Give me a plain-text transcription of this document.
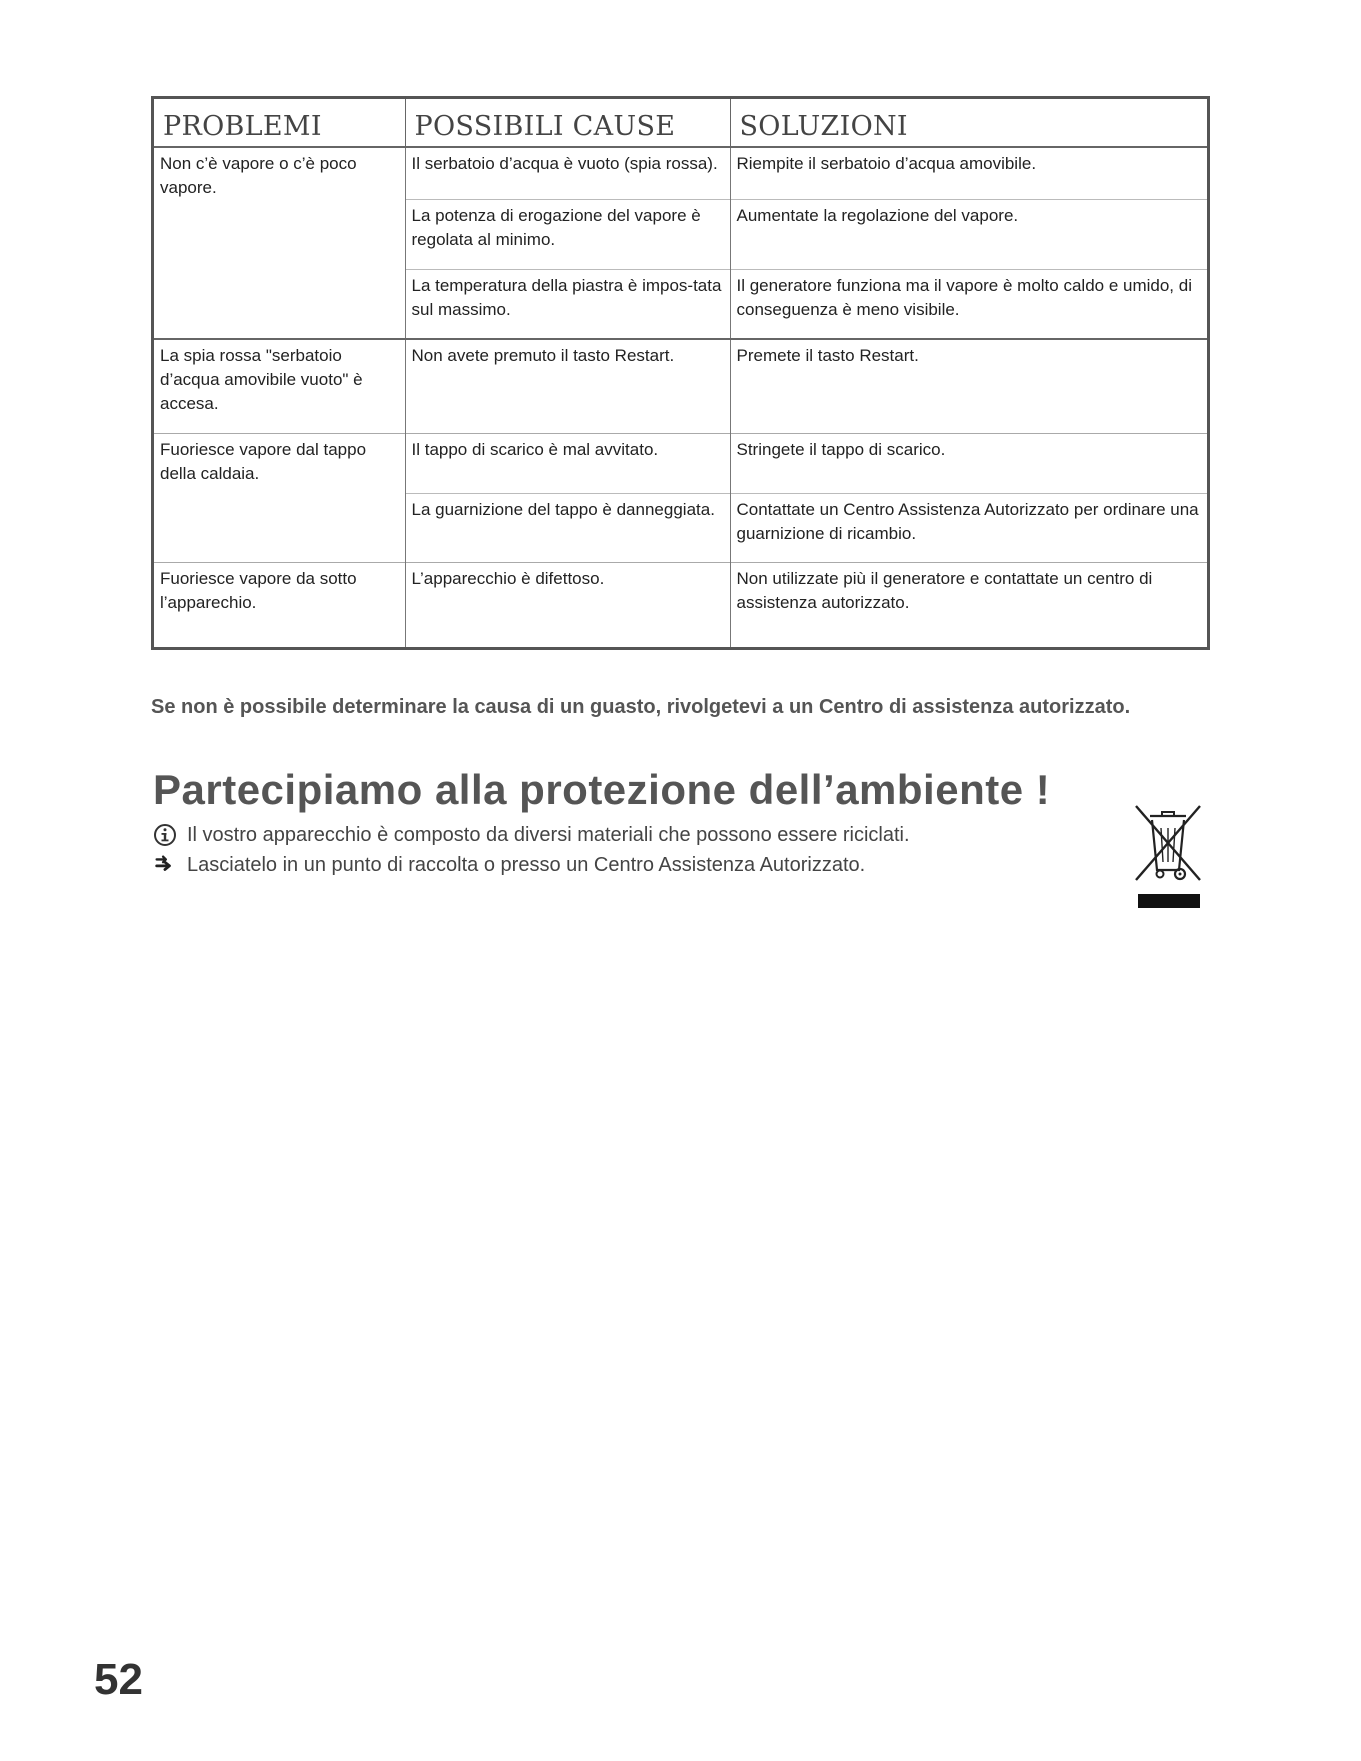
PROBLEMI	POSSIBILI CAUSE	SOLUZIONI
Non c’è vapore o c’è poco vapore.	Il serbatoio d’acqua è vuoto (spia rossa).	Riempite il serbatoio d’acqua amovibile.
	La potenza di erogazione del vapore è regolata al minimo.	Aumentate la regolazione del vapore.
	La temperatura della piastra è impos-tata sul massimo.	Il generatore funziona ma il vapore è molto caldo e umido, di conseguenza è meno visibile.
La spia rossa "serbatoio d’acqua amovibile vuoto" è accesa.	Non avete premuto il tasto Restart.	Premete il tasto Restart.
Fuoriesce vapore dal tappo della caldaia.	Il tappo di scarico è mal avvitato.	Stringete il tappo di scarico.
	La guarnizione del tappo è danneggiata.	Contattate un Centro Assistenza Autorizzato per ordinare una guarnizione di ricambio.
Fuoriesce vapore da sotto l’apparechio.	L’apparecchio è difettoso.	Non utilizzate più il generatore e contattate un centro di assistenza autorizzato.
Se non è possibile determinare la causa di un guasto, rivolgetevi a un Centro di assistenza autorizzato.
Partecipiamo alla protezione dell’ambiente !
Il vostro apparecchio è composto da diversi materiali che possono essere riciclati.
Lasciatelo in un punto di raccolta o presso un Centro Assistenza Autorizzato.
52
